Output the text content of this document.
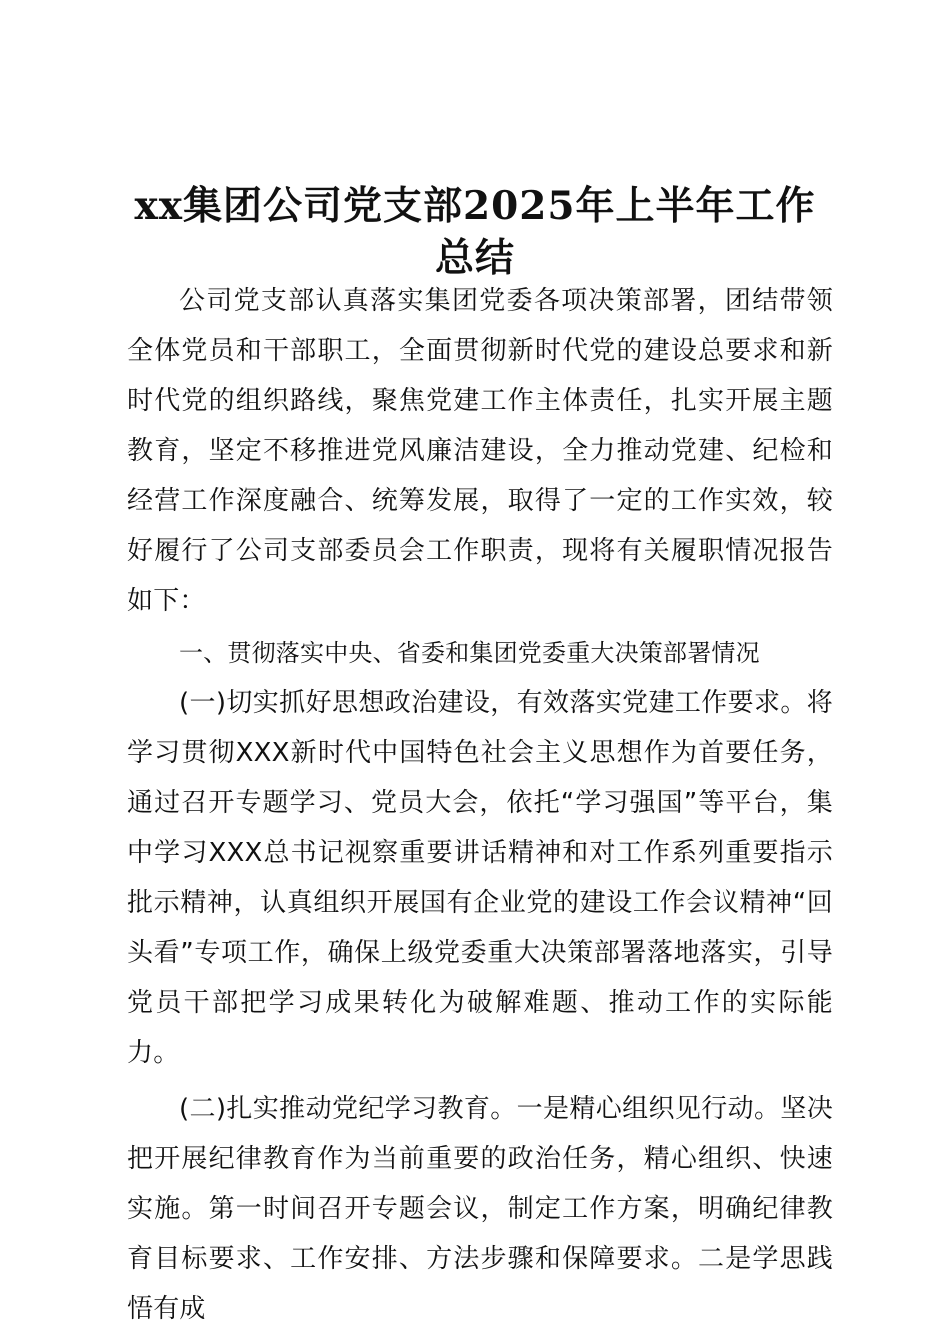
xx集团公司党支部2025年上半年工作
总结

公司党支部认真落实集团党委各项决策部署，团结带领全体党员和干部职工，全面贯彻新时代党的建设总要求和新时代党的组织路线，聚焦党建工作主体责任，扎实开展主题教育，坚定不移推进党风廉洁建设，全力推动党建、纪检和经营工作深度融合、统筹发展，取得了一定的工作实效，较好履行了公司支部委员会工作职责，现将有关履职情况报告如下：

一、贯彻落实中央、省委和集团党委重大决策部署情况

(一)切实抓好思想政治建设，有效落实党建工作要求。将学习贯彻XXX新时代中国特色社会主义思想作为首要任务，通过召开专题学习、党员大会，依托“学习强国”等平台，集中学习XXX总书记视察重要讲话精神和对工作系列重要指示批示精神，认真组织开展国有企业党的建设工作会议精神“回头看”专项工作，确保上级党委重大决策部署落地落实，引导党员干部把学习成果转化为破解难题、推动工作的实际能力。

(二)扎实推动党纪学习教育。一是精心组织见行动。坚决把开展纪律教育作为当前重要的政治任务，精心组织、快速实施。第一时间召开专题会议，制定工作方案，明确纪律教育目标要求、工作安排、方法步骤和保障要求。二是学思践悟有成
